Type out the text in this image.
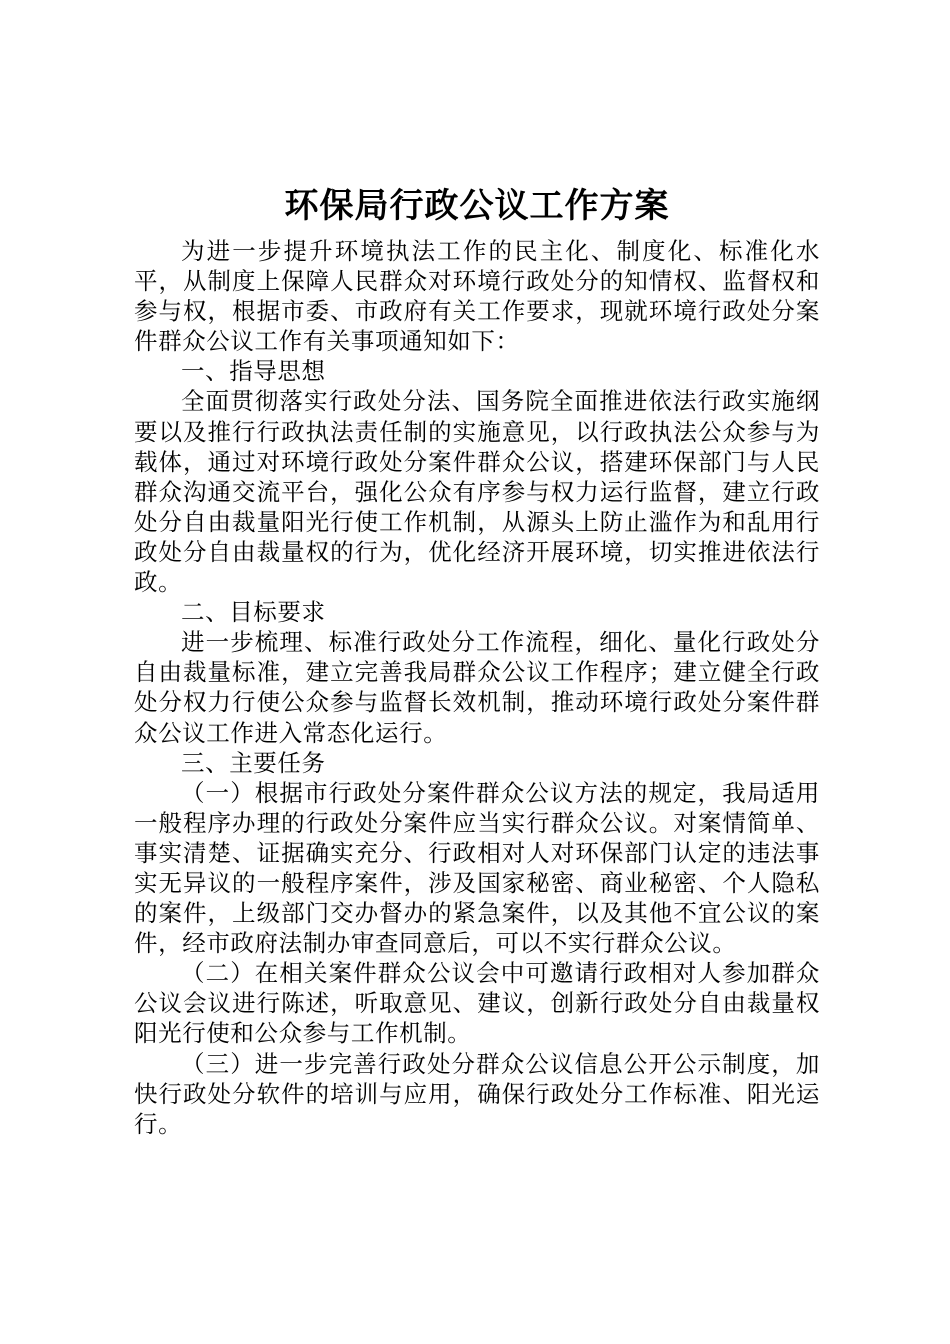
环保局行政公议工作方案

为进一步提升环境执法工作的民主化、制度化、标准化水平，从制度上保障人民群众对环境行政处分的知情权、监督权和参与权，根据市委、市政府有关工作要求，现就环境行政处分案件群众公议工作有关事项通知如下：

一、指导思想

全面贯彻落实行政处分法、国务院全面推进依法行政实施纲要以及推行行政执法责任制的实施意见，以行政执法公众参与为载体，通过对环境行政处分案件群众公议，搭建环保部门与人民群众沟通交流平台，强化公众有序参与权力运行监督，建立行政处分自由裁量阳光行使工作机制，从源头上防止滥作为和乱用行政处分自由裁量权的行为，优化经济开展环境，切实推进依法行政。

二、目标要求

进一步梳理、标准行政处分工作流程，细化、量化行政处分自由裁量标准，建立完善我局群众公议工作程序；建立健全行政处分权力行使公众参与监督长效机制，推动环境行政处分案件群众公议工作进入常态化运行。

三、主要任务

（一）根据市行政处分案件群众公议方法的规定，我局适用一般程序办理的行政处分案件应当实行群众公议。对案情简单、事实清楚、证据确实充分、行政相对人对环保部门认定的违法事实无异议的一般程序案件，涉及国家秘密、商业秘密、个人隐私的案件，上级部门交办督办的紧急案件，以及其他不宜公议的案件，经市政府法制办审查同意后，可以不实行群众公议。

（二）在相关案件群众公议会中可邀请行政相对人参加群众公议会议进行陈述，听取意见、建议，创新行政处分自由裁量权阳光行使和公众参与工作机制。

（三）进一步完善行政处分群众公议信息公开公示制度，加快行政处分软件的培训与应用，确保行政处分工作标准、阳光运行。
